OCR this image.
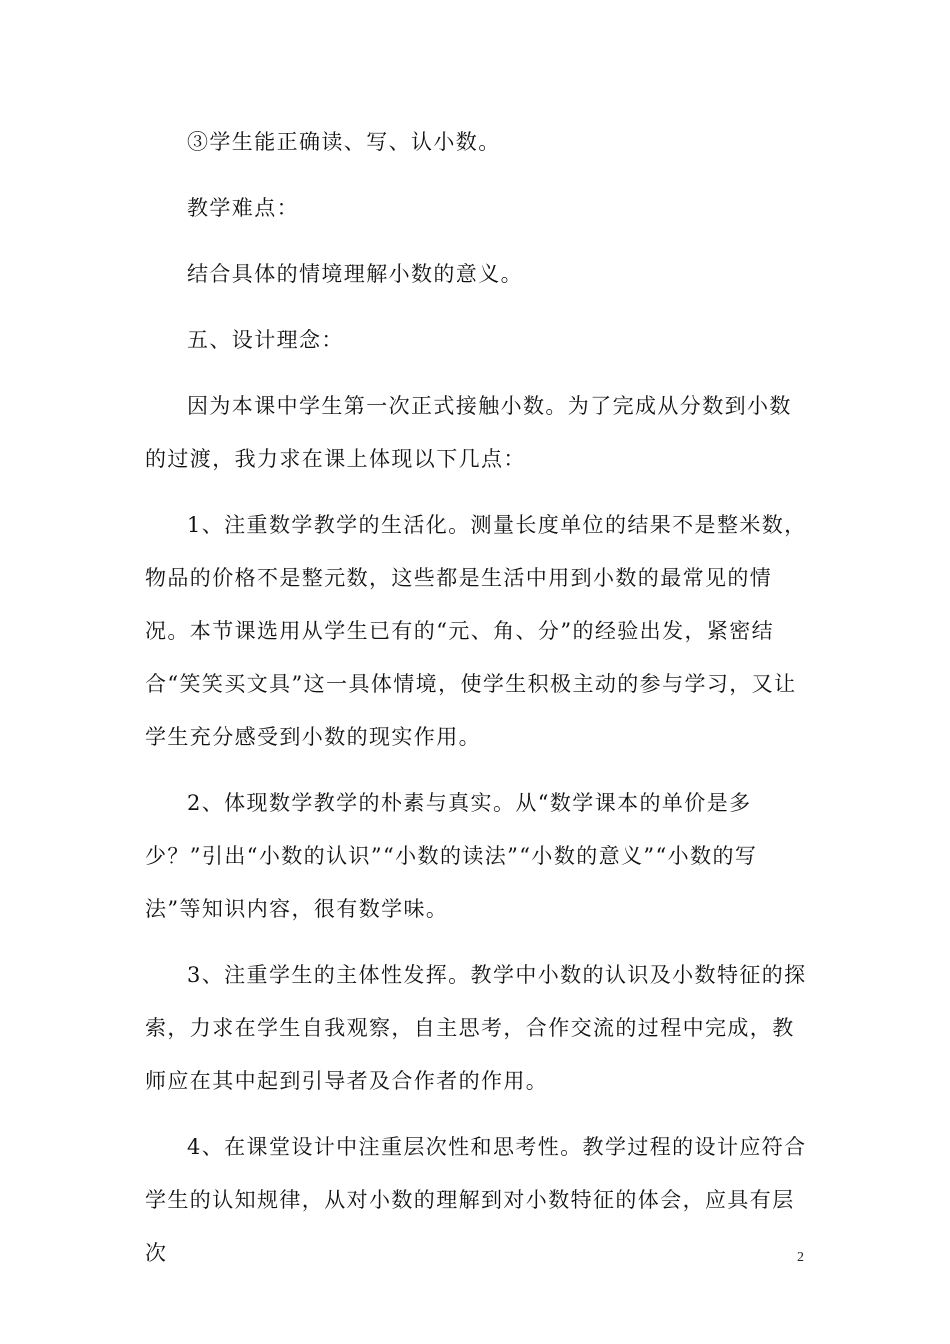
③学生能正确读、写、认小数。

教学难点：

结合具体的情境理解小数的意义。

五、设计理念：

因为本课中学生第一次正式接触小数。为了完成从分数到小数的过渡，我力求在课上体现以下几点：

1、注重数学教学的生活化。测量长度单位的结果不是整米数，物品的价格不是整元数，这些都是生活中用到小数的最常见的情况。本节课选用从学生已有的“元、角、分”的经验出发，紧密结合“笑笑买文具”这一具体情境，使学生积极主动的参与学习，又让学生充分感受到小数的现实作用。

2、体现数学教学的朴素与真实。从“数学课本的单价是多少？”引出“小数的认识”“小数的读法”“小数的意义”“小数的写法”等知识内容，很有数学味。

3、注重学生的主体性发挥。教学中小数的认识及小数特征的探索，力求在学生自我观察，自主思考，合作交流的过程中完成，教师应在其中起到引导者及合作者的作用。

4、在课堂设计中注重层次性和思考性。教学过程的设计应符合学生的认知规律，从对小数的理解到对小数特征的体会，应具有层次	2
